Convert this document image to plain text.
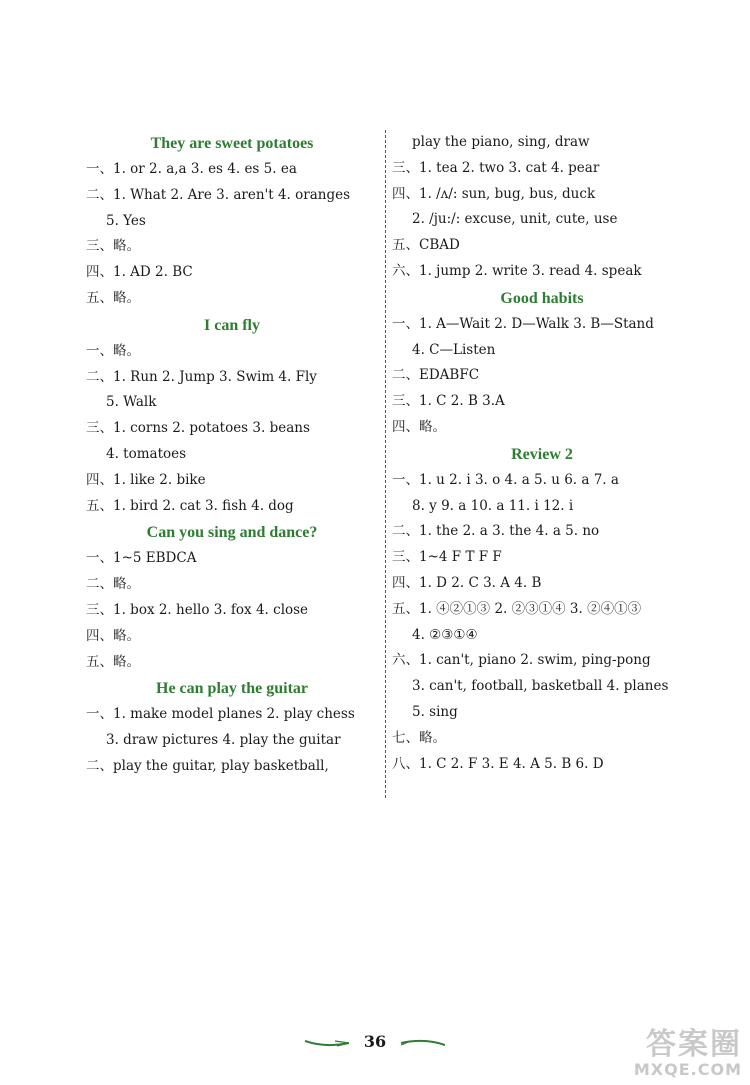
They are sweet potatoes
一、1. or 2. a,a 3. es 4. es 5. ea
二、1. What 2. Are 3. aren't 4. oranges
5. Yes
三、略。
四、1. AD 2. BC
五、略。
I can fly
一、略。
二、1. Run 2. Jump 3. Swim 4. Fly
5. Walk
三、1. corns 2. potatoes 3. beans
4. tomatoes
四、1. like 2. bike
五、1. bird 2. cat 3. fish 4. dog
Can you sing and dance?
一、1~5 EBDCA
二、略。
三、1. box 2. hello 3. fox 4. close
四、略。
五、略。
He can play the guitar
一、1. make model planes 2. play chess
3. draw pictures 4. play the guitar
二、play the guitar, play basketball,
play the piano, sing, draw
三、1. tea 2. two 3. cat 4. pear
四、1. /ʌ/: sun, bug, bus, duck
2. /ju:/: excuse, unit, cute, use
五、CBAD
六、1. jump 2. write 3. read 4. speak
Good habits
一、1. A—Wait 2. D—Walk 3. B—Stand
4. C—Listen
二、EDABFC
三、1. C 2. B 3.A
四、略。
Review 2
一、1. u 2. i 3. o 4. a 5. u 6. a 7. a
8. y 9. a 10. a 11. i 12. i
二、1. the 2. a 3. the 4. a 5. no
三、1~4 F T F F
四、1. D 2. C 3. A 4. B
五、1. ④②①③ 2. ②③①④ 3. ②④①③
4. ②③①④
六、1. can't, piano 2. swim, ping-pong
3. can't, football, basketball 4. planes
5. sing
七、略。
八、1. C 2. F 3. E 4. A 5. B 6. D
36	答案圈
MXQE.COM
